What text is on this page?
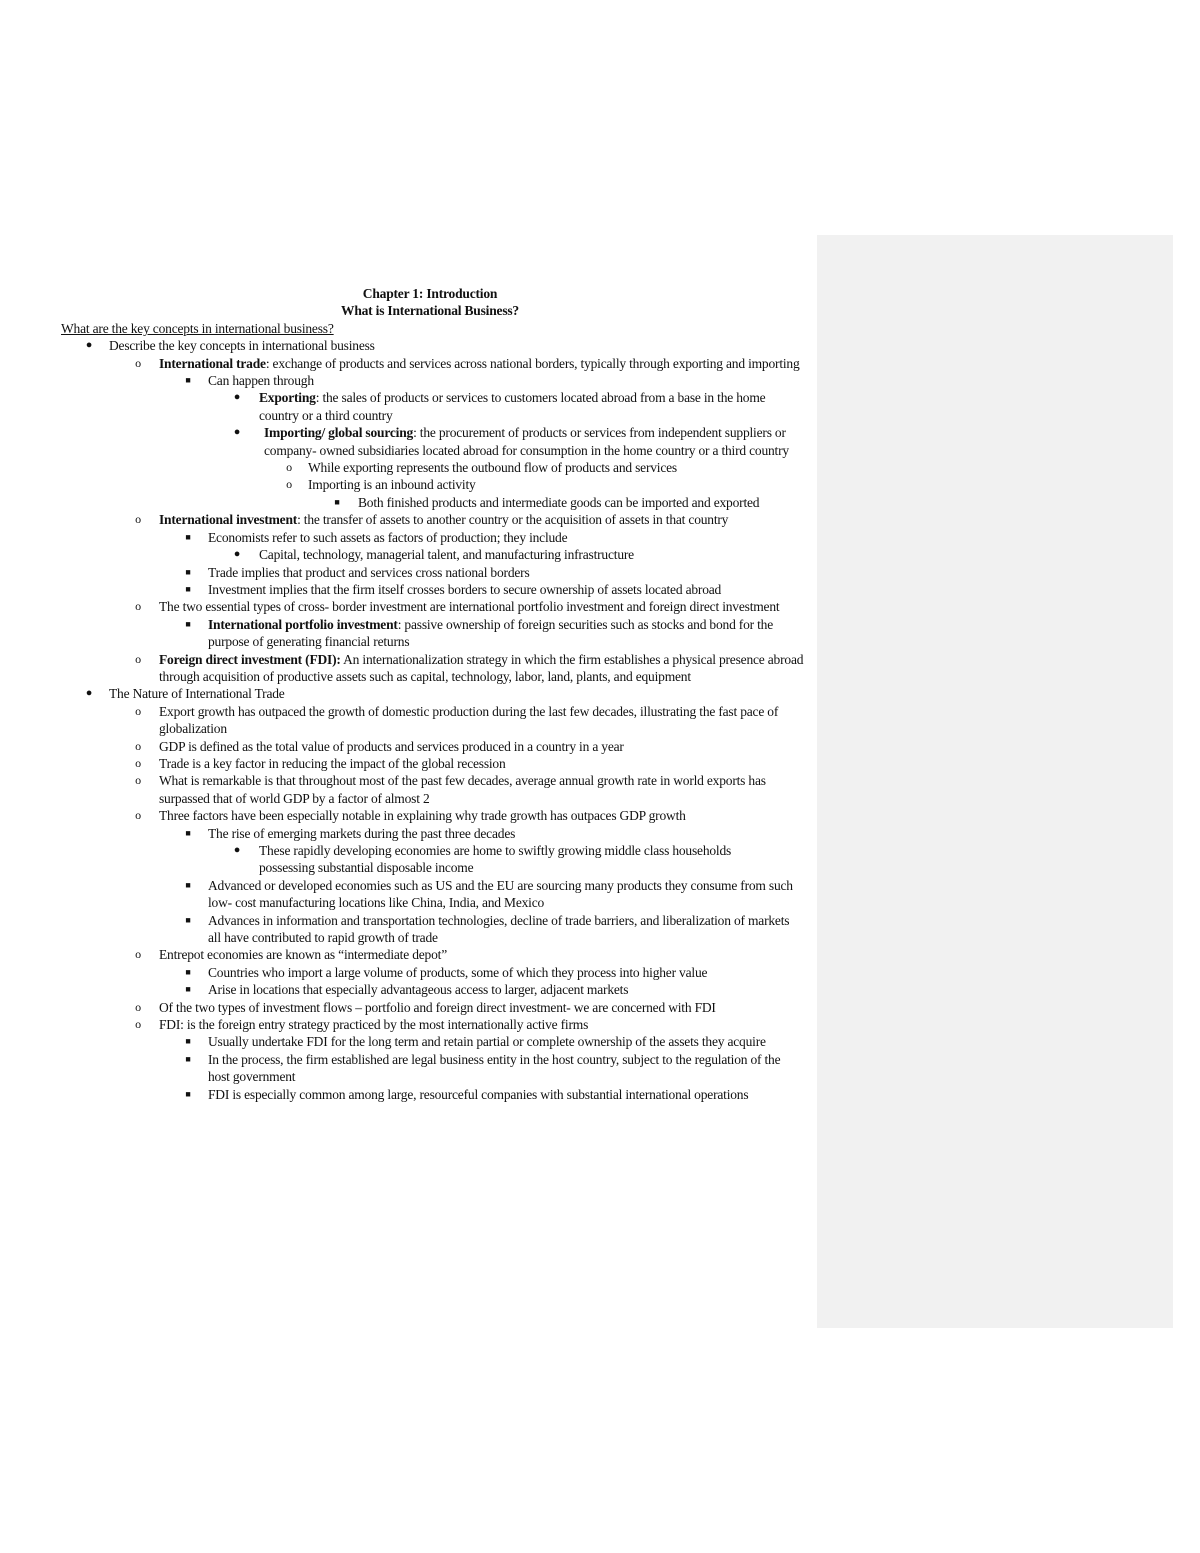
Chapter 1: Introduction
What is International Business?
What are the key concepts in international business?
● Describe the key concepts in international business
o	International trade: exchange of products and services across national borders, typically through exporting and importing
■	Can happen through
● Exporting: the sales of products or services to customers located abroad from a base in the home country or a third country
● Importing/ global sourcing: the procurement of products or services from independent suppliers or company- owned subsidiaries located abroad for consumption in the home country or a third country
o	While exporting represents the outbound flow of products and services
o	Importing is an inbound activity
■	Both finished products and intermediate goods can be imported and exported
o	International investment: the transfer of assets to another country or the acquisition of assets in that country
■	Economists refer to such assets as factors of production; they include
● Capital, technology, managerial talent, and manufacturing infrastructure
■	Trade implies that product and services cross national borders
■	Investment implies that the firm itself crosses borders to secure ownership of assets located abroad
o	The two essential types of cross- border investment are international portfolio investment and foreign direct investment
■	International portfolio investment: passive ownership of foreign securities such as stocks and bond for the purpose of generating financial returns
o	Foreign direct investment (FDI): An internationalization strategy in which the firm establishes a physical presence abroad through acquisition of productive assets such as capital, technology, labor, land, plants, and equipment
● The Nature of International Trade
o	Export growth has outpaced the growth of domestic production during the last few decades, illustrating the fast pace of globalization
o	GDP is defined as the total value of products and services produced in a country in a year
o	Trade is a key factor in reducing the impact of the global recession
o	What is remarkable is that throughout most of the past few decades, average annual growth rate in world exports has surpassed that of world GDP by a factor of almost 2
o	Three factors have been especially notable in explaining why trade growth has outpaces GDP growth
■	The rise of emerging markets during the past three decades
● These rapidly developing economies are home to swiftly growing middle class households possessing substantial disposable income
■	Advanced or developed economies such as US and the EU are sourcing many products they consume from such low- cost manufacturing locations like China, India, and Mexico
■	Advances in information and transportation technologies, decline of trade barriers, and liberalization of markets all have contributed to rapid growth of trade
o	Entrepot economies are known as “intermediate depot”
■	Countries who import a large volume of products, some of which they process into higher value
■	Arise in locations that especially advantageous access to larger, adjacent markets
o	Of the two types of investment flows – portfolio and foreign direct investment- we are concerned with FDI
o	FDI: is the foreign entry strategy practiced by the most internationally active firms
■	Usually undertake FDI for the long term and retain partial or complete ownership of the assets they acquire
■	In the process, the firm established are legal business entity in the host country, subject to the regulation of the host government
■	FDI is especially common among large, resourceful companies with substantial international operations
